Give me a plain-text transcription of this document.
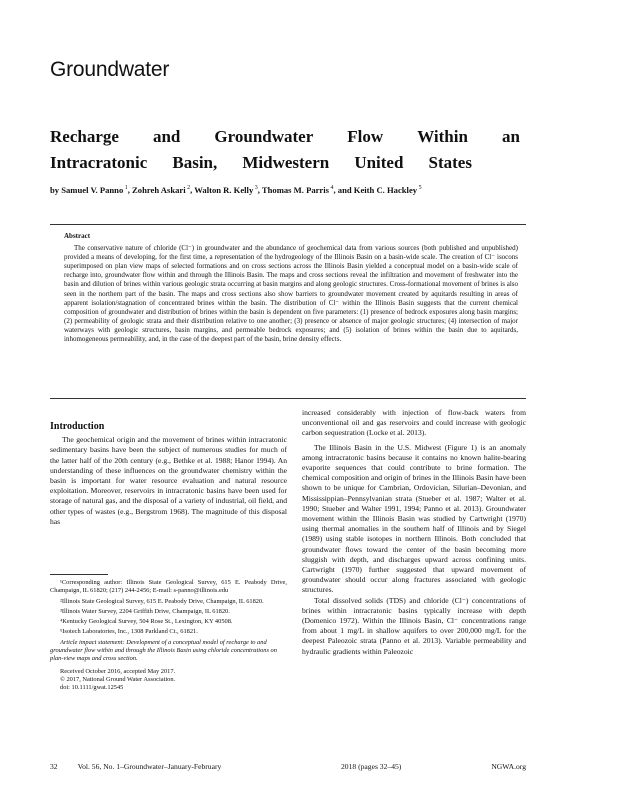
Groundwater
Recharge and Groundwater Flow Within an
Intracratonic Basin, Midwestern United States
by Samuel V. Panno $^1$, Zohreh Askari $^2$, Walton R. Kelly $^3$, Thomas M. Parris $^4$, and Keith C. Hackley $^5$
Abstract
The conservative nature of chloride (Cl⁻) in groundwater and the abundance of geochemical data from various sources (both published and unpublished) provided a means of developing, for the first time, a representation of the hydrogeology of the Illinois Basin on a basin-wide scale. The creation of Cl⁻ isocons superimposed on plan view maps of selected formations and on cross sections across the Illinois Basin yielded a conceptual model on a basin-wide scale of recharge into, groundwater flow within and through the Illinois Basin. The maps and cross sections reveal the infiltration and movement of freshwater into the basin and dilution of brines within various geologic strata occurring at basin margins and along geologic structures. Cross-formational movement of brines is also seen in the northern part of the basin. The maps and cross sections also show barriers to groundwater movement created by aquitards resulting in areas of apparent isolation/stagnation of concentrated brines within the basin. The distribution of Cl⁻ within the Illinois Basin suggests that the current chemical composition of groundwater and distribution of brines within the basin is dependent on five parameters: (1) presence of bedrock exposures along basin margins; (2) permeability of geologic strata and their distribution relative to one another; (3) presence or absence of major geologic structures; (4) intersection of major waterways with geologic structures, basin margins, and permeable bedrock exposures; and (5) isolation of brines within the basin due to aquitards, inhomogeneous permeability, and, in the case of the deepest part of the basin, brine density effects.
Introduction

The geochemical origin and the movement of brines within intracratonic sedimentary basins have been the subject of numerous studies for much of the latter half of the 20th century (e.g., Bethke et al. 1988; Hanor 1994). An understanding of these influences on the groundwater chemistry within the basin is important for water resource evaluation and natural resource exploitation. Moreover, reservoirs in intracratonic basins have been used for storage of natural gas, and the disposal of a variety of industrial, oil field, and other types of wastes (e.g., Bergstrom 1968). The magnitude of this disposal has

¹Corresponding author: Illinois State Geological Survey, 615 E. Peabody Drive, Champaign, IL 61820; (217) 244-2456; E-mail: s-panno@illinois.edu
²Illinois State Geological Survey, 615 E. Peabody Drive, Champaign, IL 61820.
³Illinois Water Survey, 2204 Griffith Drive, Champaign, IL 61820.
⁴Kentucky Geological Survey, 504 Rose St., Lexington, KY 40508.
⁵Isotech Laboratories, Inc., 1308 Parkland Ct., 61821.
Article impact statement: Development of a conceptual model of recharge to and groundwater flow within and through the Illinois Basin using chloride concentrations on plan-view maps and cross section.
Received October 2016, accepted May 2017.
© 2017, National Ground Water Association.
doi: 10.1111/gwat.12545

increased considerably with injection of flow-back waters from unconventional oil and gas reservoirs and could increase with geologic carbon sequestration (Locke et al. 2013).

The Illinois Basin in the U.S. Midwest (Figure 1) is an anomaly among intracratonic basins because it contains no known halite-bearing evaporite sequences that could contribute to brine formation. The chemical composition and origin of brines in the Illinois Basin have been shown to be unique for Cambrian, Ordovician, Silurian–Devonian, and Mississippian–Pennsylvanian strata (Stueber et al. 1987; Walter et al. 1990; Stueber and Walter 1991, 1994; Panno et al. 2013). Groundwater movement within the Illinois Basin was studied by Cartwright (1970) using thermal anomalies in the southern half of Illinois and by Siegel (1989) using stable isotopes in northern Illinois. Both concluded that groundwater flows toward the center of the basin becoming more sluggish with depth, and discharges upward across confining units. Cartwright (1970) further suggested that upward movement of groundwater should occur along fractures associated with geologic structures.

Total dissolved solids (TDS) and chloride (Cl⁻) concentrations of brines within intracratonic basins typically increase with depth (Domenico 1972). Within the Illinois Basin, Cl⁻ concentrations range from about 1 mg/L in shallow aquifers to over 200,000 mg/L for the deepest Paleozoic strata (Panno et al. 2013). Variable permeability and hydraulic gradients within Paleozoic

32	Vol. 56, No. 1–Groundwater–January-February	2018 (pages 32–45)	NGWA.org
